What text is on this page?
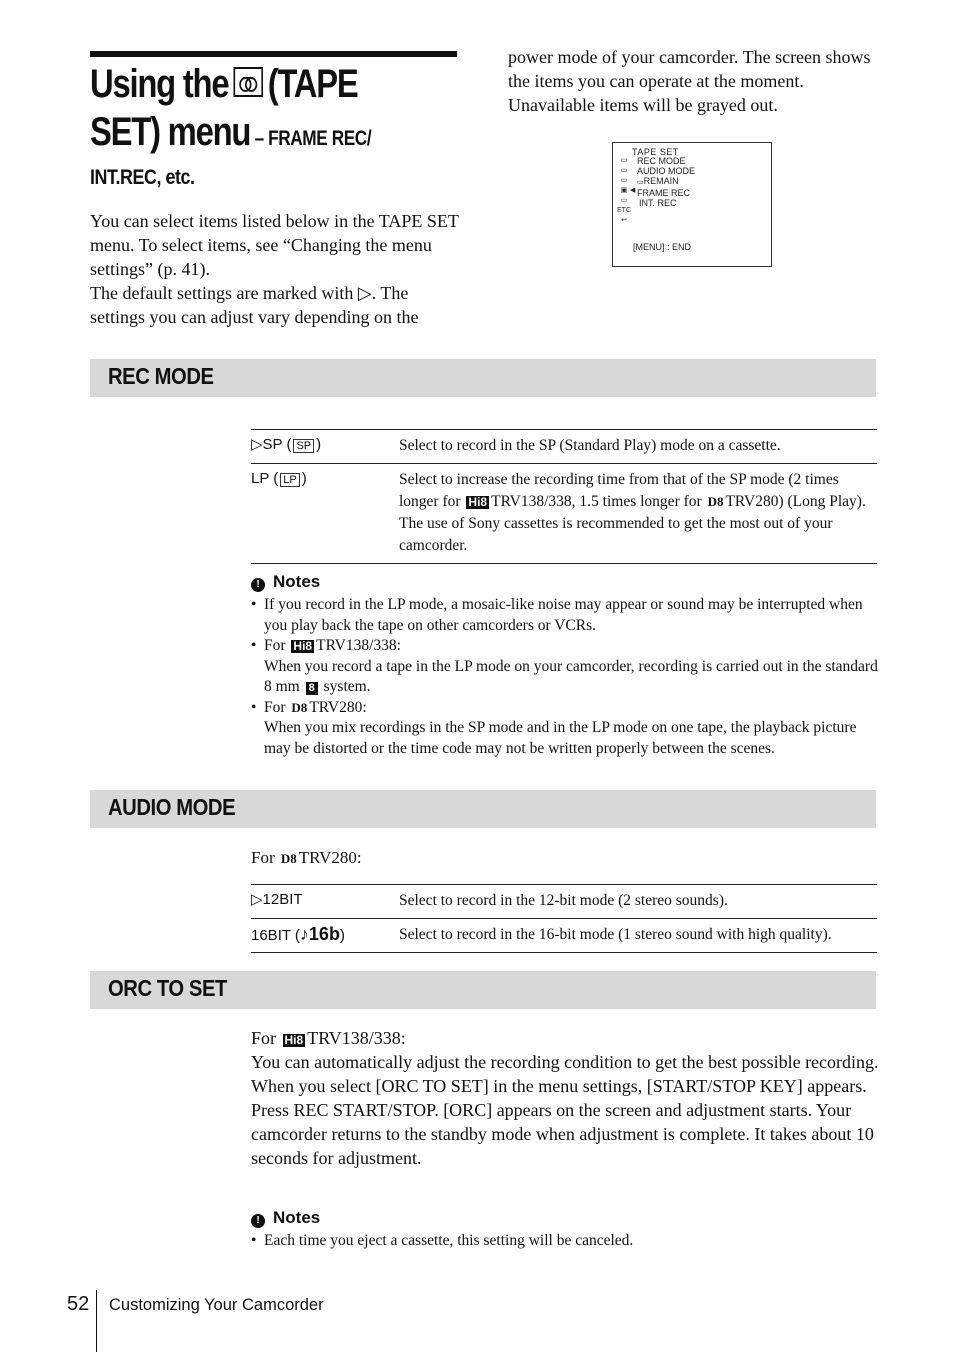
Using the (TAPE
SET) menu – FRAME REC/
INT.REC, etc.
You can select items listed below in the TAPE SET menu. To select items, see “Changing the menu settings” (p. 41).
The default settings are marked with ▷. The settings you can adjust vary depending on the
power mode of your camcorder. The screen shows the items you can operate at the moment. Unavailable items will be grayed out.
TAPE SET
▭
▭
▭
▣
▭
ETC
↩
◀
REC MODE
AUDIO MODE
▭REMAIN
FRAME REC
INT. REC
[MENU] : END
REC MODE
▷SP ( SP )	Select to record in the SP (Standard Play) mode on a cassette.
LP ( LP )	Select to increase the recording time from that of the SP mode (2 times longer for Hi8 TRV138/338, 1.5 times longer for D8 TRV280) (Long Play). The use of Sony cassettes is recommended to get the most out of your camcorder.
! Notes
• If you record in the LP mode, a mosaic-like noise may appear or sound may be interrupted when you play back the tape on other camcorders or VCRs.
• For Hi8 TRV138/338:
When you record a tape in the LP mode on your camcorder, recording is carried out in the standard 8 mm 8 system.
• For D8 TRV280:
When you mix recordings in the SP mode and in the LP mode on one tape, the playback picture may be distorted or the time code may not be written properly between the scenes.
AUDIO MODE
For D8 TRV280:
▷12BIT	Select to record in the 12-bit mode (2 stereo sounds).
16BIT (♪16b)	Select to record in the 16-bit mode (1 stereo sound with high quality).
ORC TO SET
For Hi8 TRV138/338:
You can automatically adjust the recording condition to get the best possible recording.
When you select [ORC TO SET] in the menu settings, [START/STOP KEY] appears. Press REC START/STOP. [ORC] appears on the screen and adjustment starts. Your camcorder returns to the standby mode when adjustment is complete. It takes about 10 seconds for adjustment.
! Notes
• Each time you eject a cassette, this setting will be canceled.
52 Customizing Your Camcorder
